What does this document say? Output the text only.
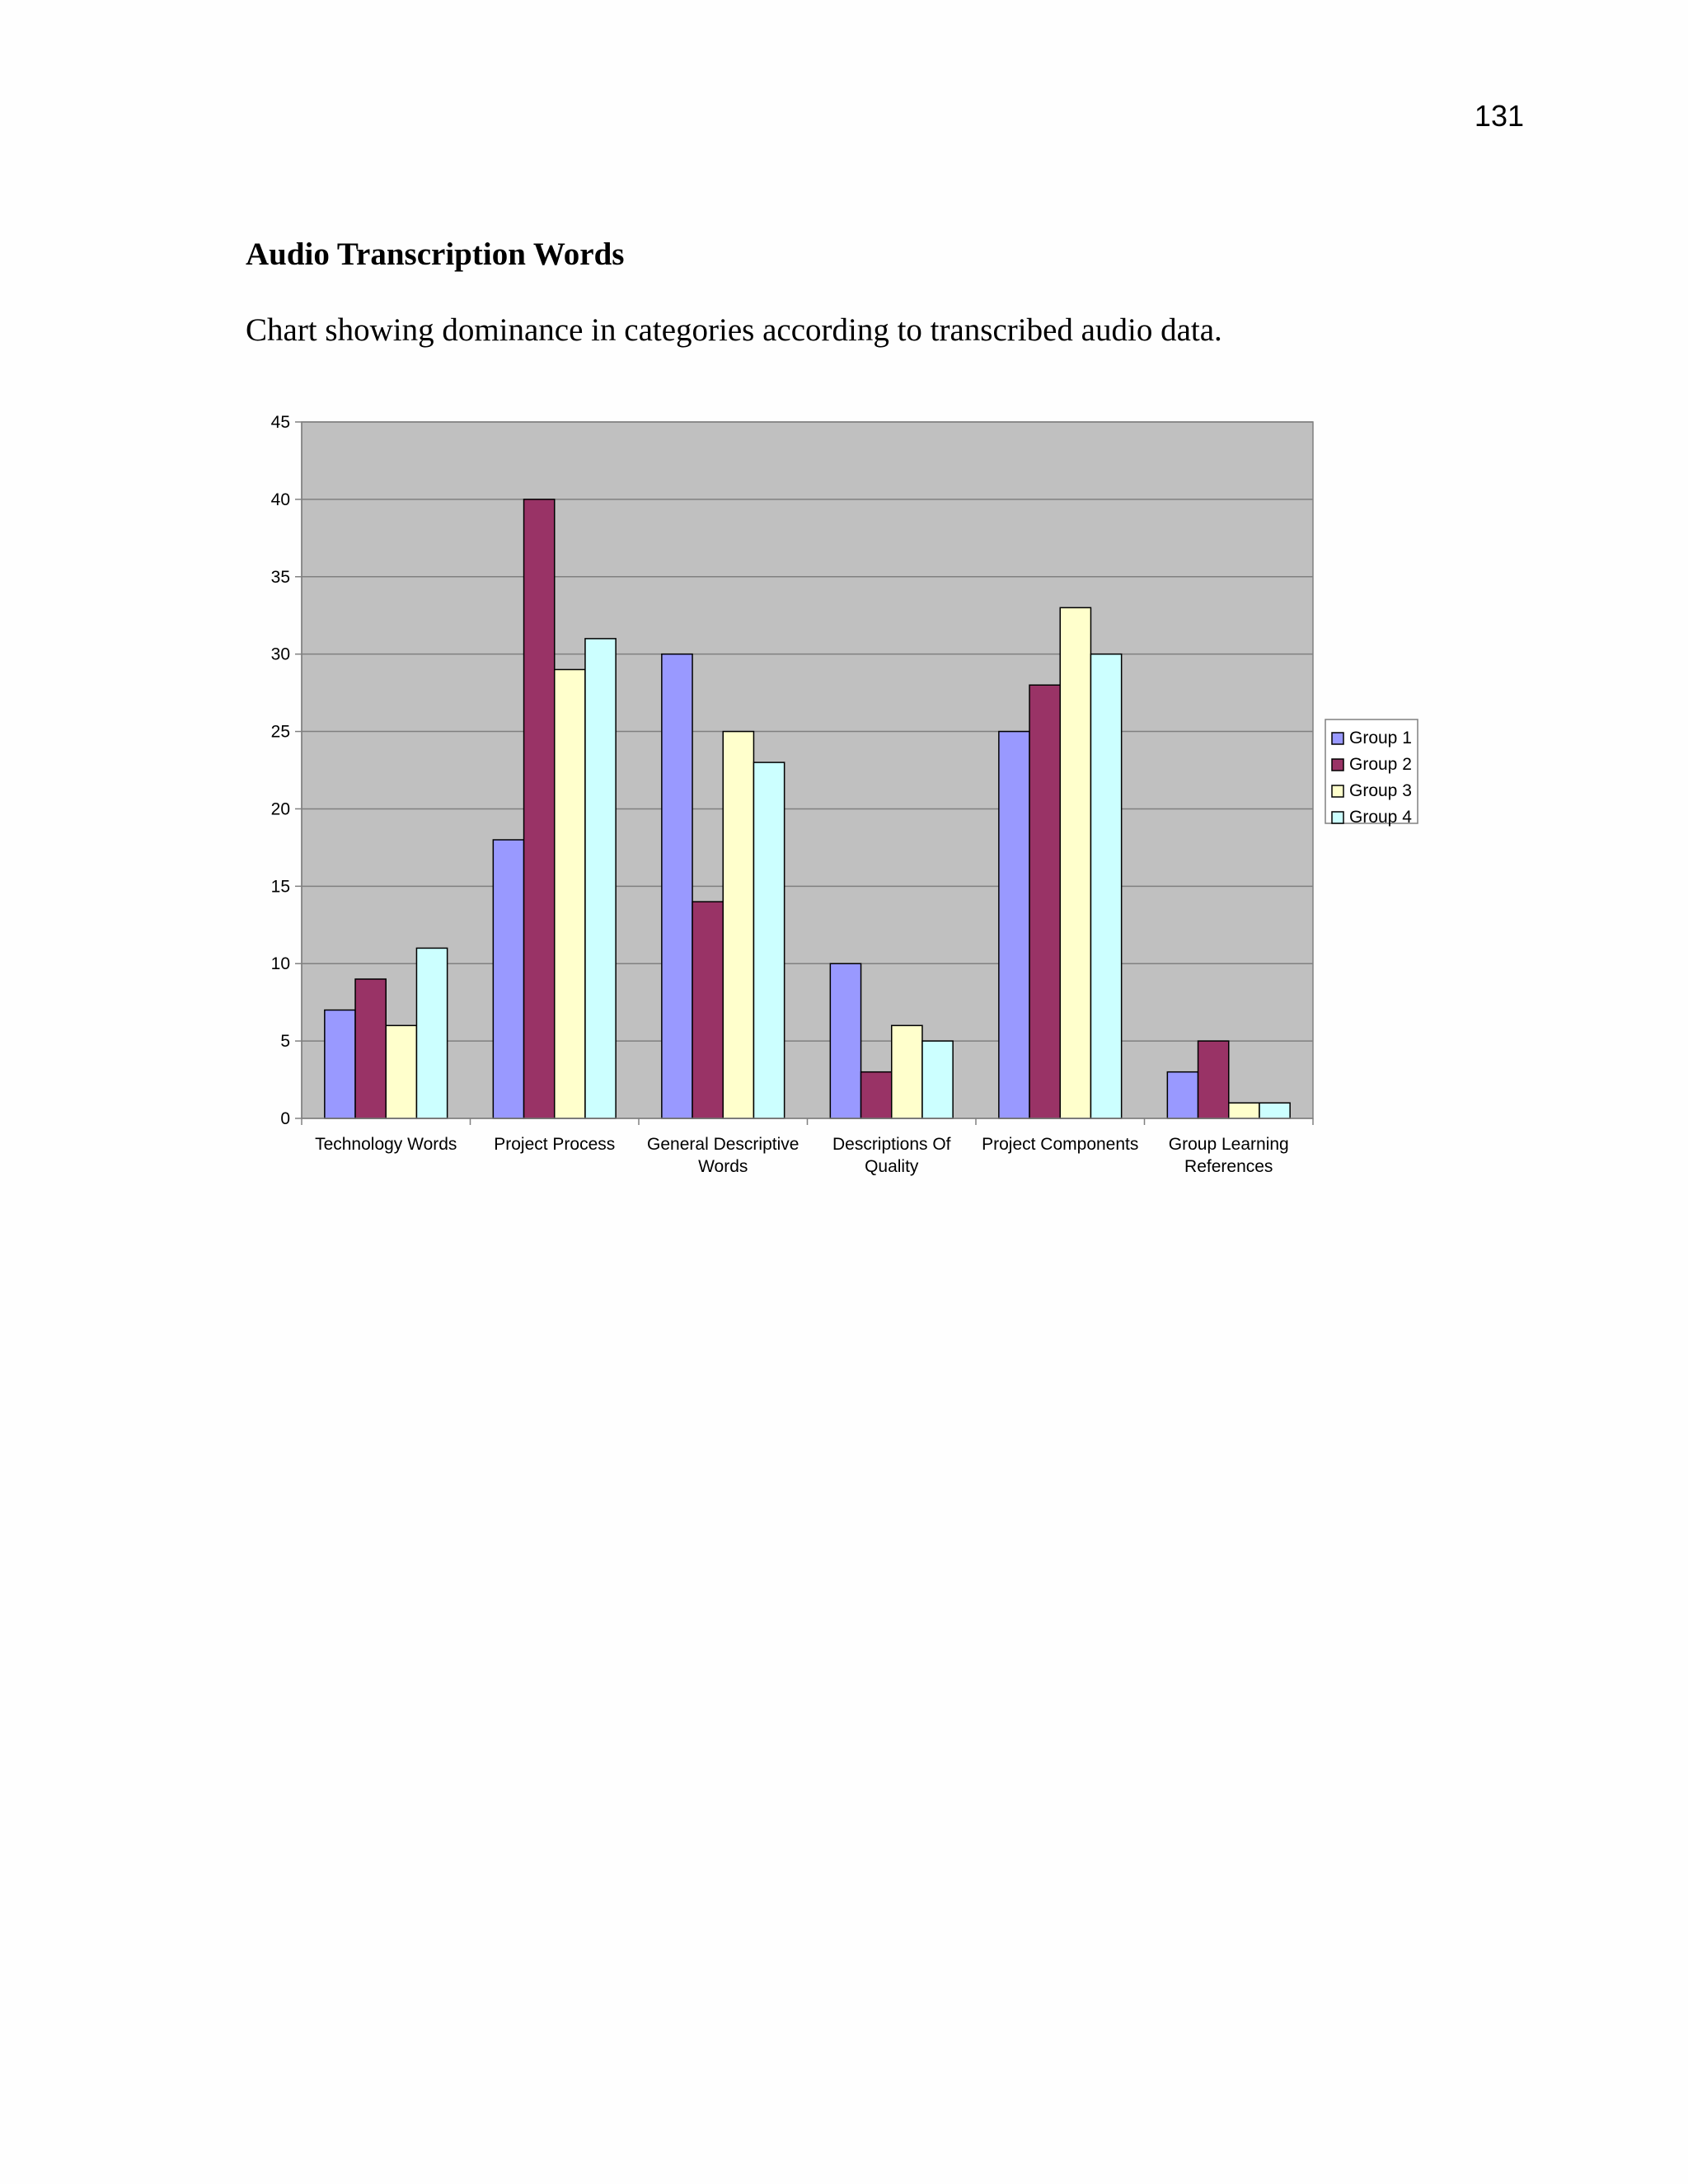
131
Audio Transcription Words
Chart showing dominance in categories according to transcribed audio data.
0
5
10
15
20
25
30
35
40
45
Technology Words Project Process General Descriptive
Words
Descriptions Of
Quality
Project Components Group Learning
References
Group 1
Group 2
Group 3
Group 4
